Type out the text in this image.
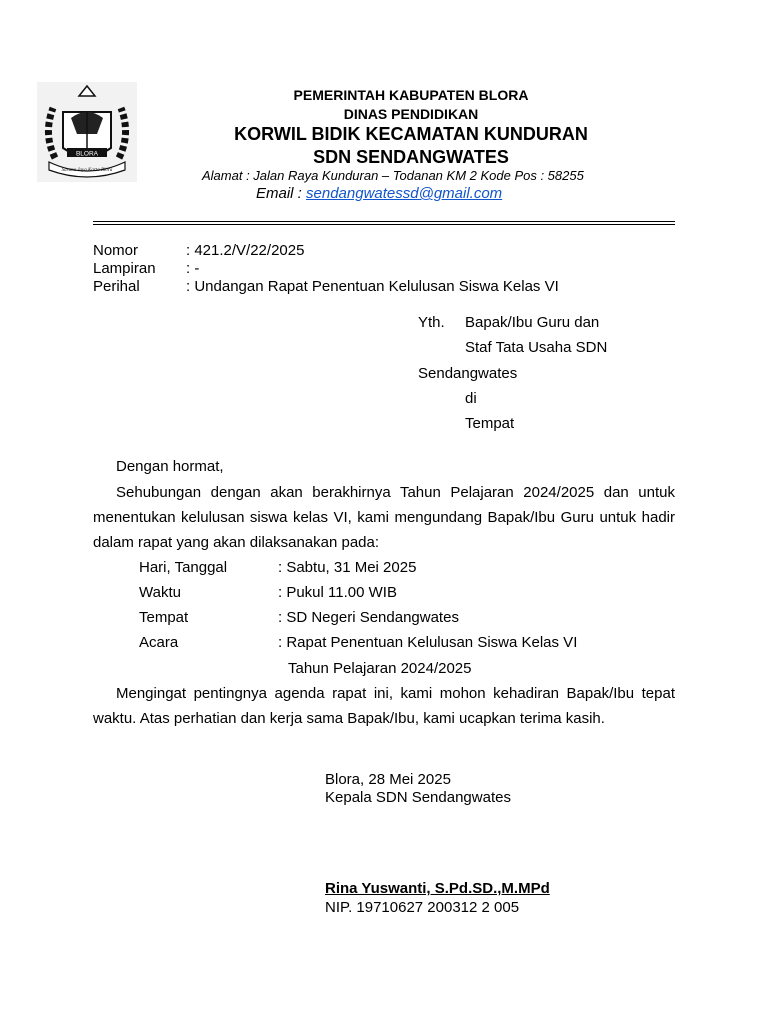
BLORA
Sarana Jaya Karta Blora
PEMERINTAH KABUPATEN BLORA
DINAS PENDIDIKAN
KORWIL BIDIK KECAMATAN KUNDURAN
SDN SENDANGWATES
Alamat : Jalan Raya Kunduran – Todanan KM 2 Kode Pos : 58255
Email : sendangwatessd@gmail.com
Nomor	: 421.2/V/22/2025
Lampiran : -
Perihal	: Undangan Rapat Penentuan Kelulusan Siswa Kelas VI
Yth. Bapak/Ibu Guru dan
Staf Tata Usaha SDN
Sendangwates
di
Tempat
Dengan hormat,
Sehubungan dengan akan berakhirnya Tahun Pelajaran 2024/2025 dan untuk menentukan kelulusan siswa kelas VI, kami mengundang Bapak/Ibu Guru untuk hadir dalam rapat yang akan dilaksanakan pada:
Hari, Tanggal	: Sabtu, 31 Mei 2025
Waktu	: Pukul 11.00 WIB
Tempat	: SD Negeri Sendangwates
Acara	: Rapat Penentuan Kelulusan Siswa Kelas VI
Tahun Pelajaran 2024/2025
Mengingat pentingnya agenda rapat ini, kami mohon kehadiran Bapak/Ibu tepat waktu. Atas perhatian dan kerja sama Bapak/Ibu, kami ucapkan terima kasih.
Blora, 28 Mei 2025
Kepala SDN Sendangwates
Rina Yuswanti, S.Pd.SD.,M.MPd
NIP. 19710627 200312 2 005
